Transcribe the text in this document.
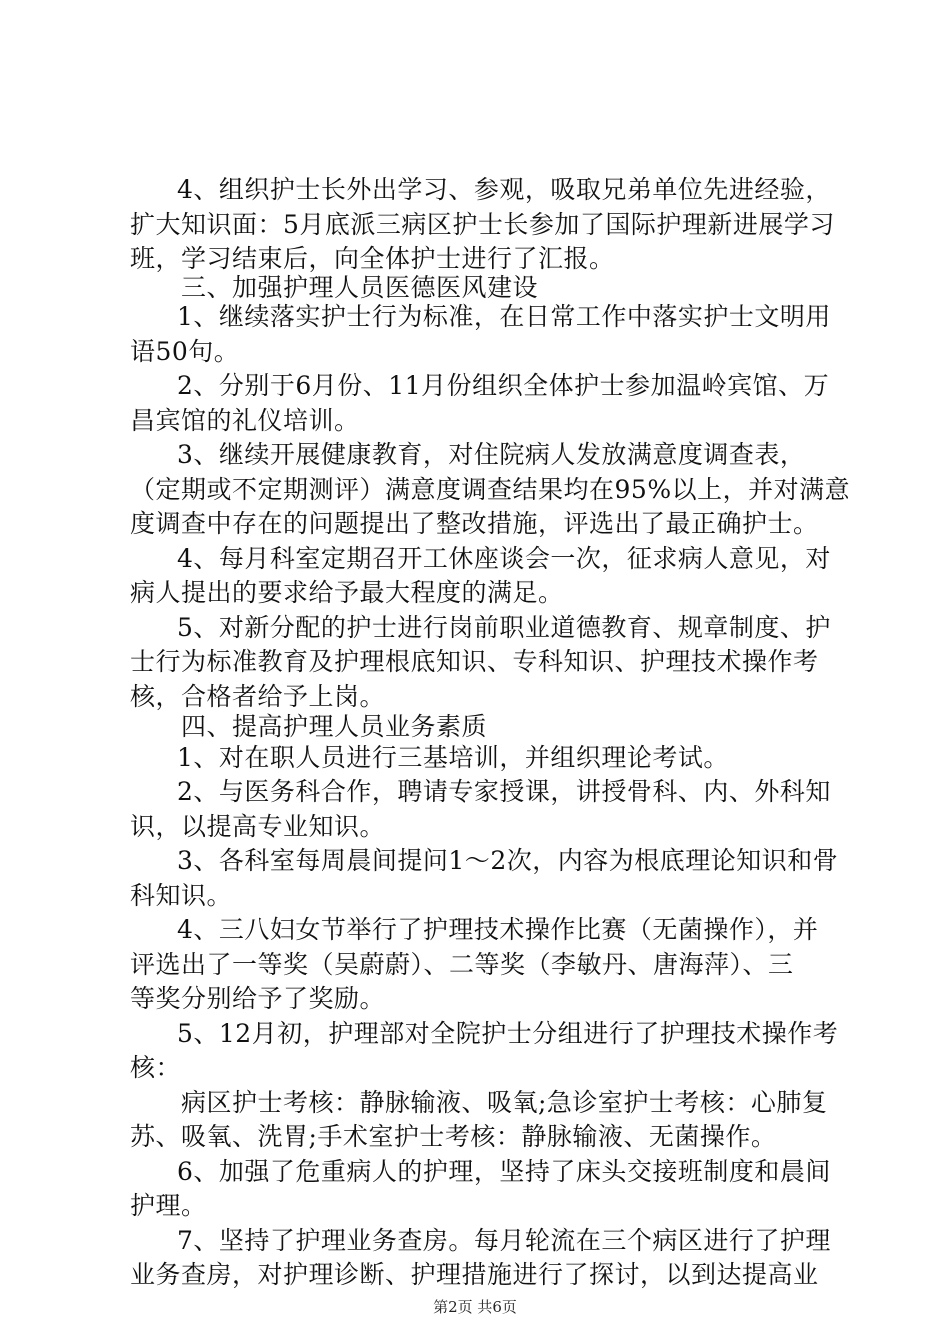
4、组织护士长外出学习、参观，吸取兄弟单位先进经验，
扩大知识面：5月底派三病区护士长参加了国际护理新进展学习
班，学习结束后，向全体护士进行了汇报。
三、加强护理人员医德医风建设
1、继续落实护士行为标准，在日常工作中落实护士文明用
语50句。
2、分别于6月份、11月份组织全体护士参加温岭宾馆、万
昌宾馆的礼仪培训。
3、继续开展健康教育，对住院病人发放满意度调查表，
（定期或不定期测评）满意度调查结果均在95%以上，并对满意
度调查中存在的问题提出了整改措施，评选出了最正确护士。
4、每月科室定期召开工休座谈会一次，征求病人意见，对
病人提出的要求给予最大程度的满足。
5、对新分配的护士进行岗前职业道德教育、规章制度、护
士行为标准教育及护理根底知识、专科知识、护理技术操作考
核，合格者给予上岗。
四、提高护理人员业务素质
1、对在职人员进行三基培训，并组织理论考试。
2、与医务科合作，聘请专家授课，讲授骨科、内、外科知
识，以提高专业知识。
3、各科室每周晨间提问1～2次，内容为根底理论知识和骨
科知识。
4、三八妇女节举行了护理技术操作比赛（无菌操作），并
评选出了一等奖（吴蔚蔚）、二等奖（李敏丹、唐海萍）、三
等奖分别给予了奖励。
5、12月初，护理部对全院护士分组进行了护理技术操作考
核：
病区护士考核：静脉输液、吸氧;急诊室护士考核：心肺复
苏、吸氧、洗胃;手术室护士考核：静脉输液、无菌操作。
6、加强了危重病人的护理，坚持了床头交接班制度和晨间
护理。
7、坚持了护理业务查房。每月轮流在三个病区进行了护理
业务查房，对护理诊断、护理措施进行了探讨，以到达提高业
第2页 共6页
